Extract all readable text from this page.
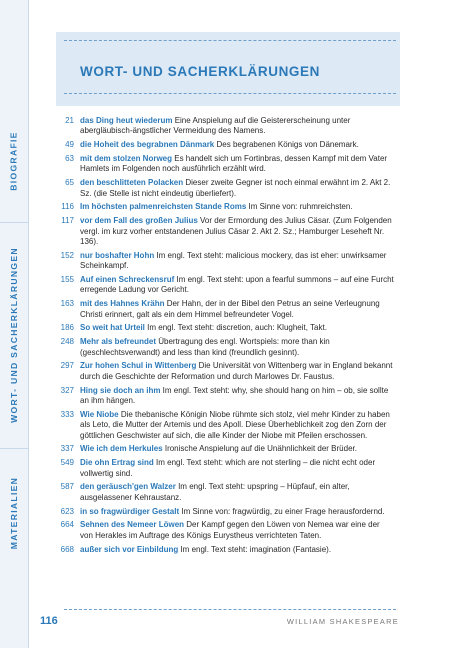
BIOGRAFIE
WORT- UND SACHERKLÄRUNGEN
MATERIALIEN
WORT- UND SACHERKLÄRUNGEN
21 das Ding heut wiederum Eine Anspielung auf die Geistererscheinung unter abergläubisch-ängstlicher Vermeidung des Namens.
49 die Hoheit des begrabnen Dänmark Des begrabenen Königs von Dänemark.
63 mit dem stolzen Norweg Es handelt sich um Fortinbras, dessen Kampf mit dem Vater Hamlets im Folgenden noch ausführlich erzählt wird.
65 den beschlitteten Polacken Dieser zweite Gegner ist noch einmal erwähnt im 2. Akt 2. Sz. (die Stelle ist nicht eindeutig überliefert).
116 Im höchsten palmenreichsten Stande Roms Im Sinne von: ruhmreichsten.
117 vor dem Fall des großen Julius Vor der Ermordung des Julius Cäsar. (Zum Folgenden vergl. im kurz vorher entstandenen Julius Cäsar 2. Akt 2. Sz.; Hamburger Leseheft Nr. 136).
152 nur boshafter Hohn Im engl. Text steht: malicious mockery, das ist eher: unwirksamer Scheinkampf.
155 Auf einen Schreckensruf Im engl. Text steht: upon a fearful summons – auf eine Furcht erregende Ladung vor Gericht.
163 mit des Hahnes Krähn Der Hahn, der in der Bibel den Petrus an seine Verleugnung Christi erinnert, galt als ein dem Himmel befreundeter Vogel.
186 So weit hat Urteil Im engl. Text steht: discretion, auch: Klugheit, Takt.
248 Mehr als befreundet Übertragung des engl. Wortspiels: more than kin (geschlechtsverwandt) and less than kind (freundlich gesinnt).
297 Zur hohen Schul in Wittenberg Die Universität von Wittenberg war in England bekannt durch die Geschichte der Reformation und durch Marlowes Dr. Faustus.
327 Hing sie doch an ihm Im engl. Text steht: why, she should hang on him – ob, sie sollte an ihm hängen.
333 Wie Niobe Die thebanische Königin Niobe rühmte sich stolz, viel mehr Kinder zu haben als Leto, die Mutter der Artemis und des Apoll. Diese Überheblichkeit zog den Zorn der göttlichen Geschwister auf sich, die alle Kinder der Niobe mit Pfeilen erschossen.
337 Wie ich dem Herkules Ironische Anspielung auf die Unähnlichkeit der Brüder.
549 Die ohn Ertrag sind Im engl. Text steht: which are not sterling – die nicht echt oder vollwertig sind.
587 den geräusch'gen Walzer Im engl. Text steht: upspring – Hüpfauf, ein alter, ausgelassener Kehraustanz.
623 in so fragwürdiger Gestalt Im Sinne von: fragwürdig, zu einer Frage herausfordernd.
664 Sehnen des Nemeer Löwen Der Kampf gegen den Löwen von Nemea war eine der von Herakles im Auftrage des Königs Eurystheus verrichteten Taten.
668 außer sich vor Einbildung Im engl. Text steht: imagination (Fantasie).
116	WILLIAM SHAKESPEARE
